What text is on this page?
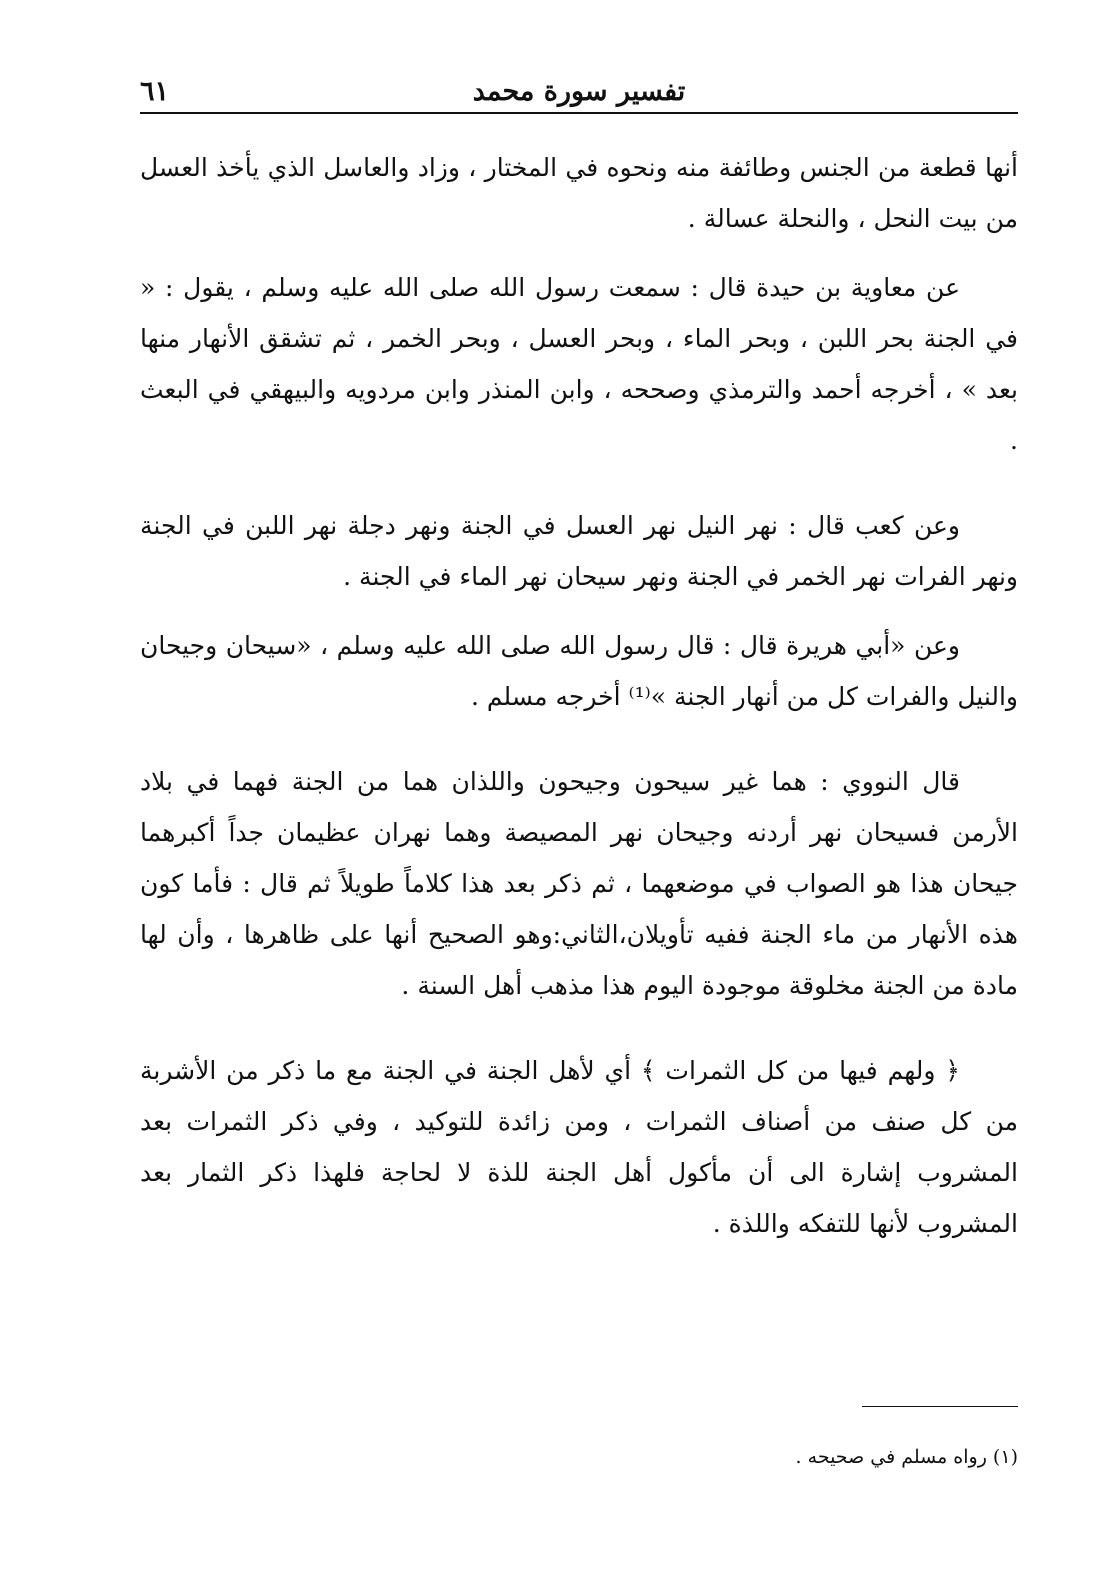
تفسير سورة محمد
٦١

أنها قطعة من الجنس وطائفة منه ونحوه في المختار ، وزاد والعاسل الذي يأخذ العسل من بيت النحل ، والنحلة عسالة .

عن معاوية بن حيدة قال : سمعت رسول الله صلى الله عليه وسلم ، يقول : « في الجنة بحر اللبن ، وبحر الماء ، وبحر العسل ، وبحر الخمر ، ثم تشقق الأنهار منها بعد » ، أخرجه أحمد والترمذي وصححه ، وابن المنذر وابن مردويه والبيهقي في البعث .

وعن كعب قال : نهر النيل نهر العسل في الجنة ونهر دجلة نهر اللبن في الجنة ونهر الفرات نهر الخمر في الجنة ونهر سيحان نهر الماء في الجنة .

وعن «أبي هريرة قال : قال رسول الله صلى الله عليه وسلم ، «سيحان وجيحان والنيل والفرات كل من أنهار الجنة »⁽¹⁾ أخرجه مسلم .

قال النووي : هما غير سيحون وجيحون واللذان هما من الجنة فهما في بلاد الأرمن فسيحان نهر أردنه وجيحان نهر المصيصة وهما نهران عظيمان جداً أكبرهما جيحان هذا هو الصواب في موضعهما ، ثم ذكر بعد هذا كلاماً طويلاً ثم قال : فأما كون هذه الأنهار من ماء الجنة ففيه تأويلان،الثاني:وهو الصحيح أنها على ظاهرها ، وأن لها مادة من الجنة مخلوقة موجودة اليوم هذا مذهب أهل السنة .

﴿ ولهم فيها من كل الثمرات ﴾ أي لأهل الجنة في الجنة مع ما ذكر من الأشربة من كل صنف من أصناف الثمرات ، ومن زائدة للتوكيد ، وفي ذكر الثمرات بعد المشروب إشارة الى أن مأكول أهل الجنة للذة لا لحاجة فلهذا ذكر الثمار بعد المشروب لأنها للتفكه واللذة .

(١) رواه مسلم في صحيحه .
